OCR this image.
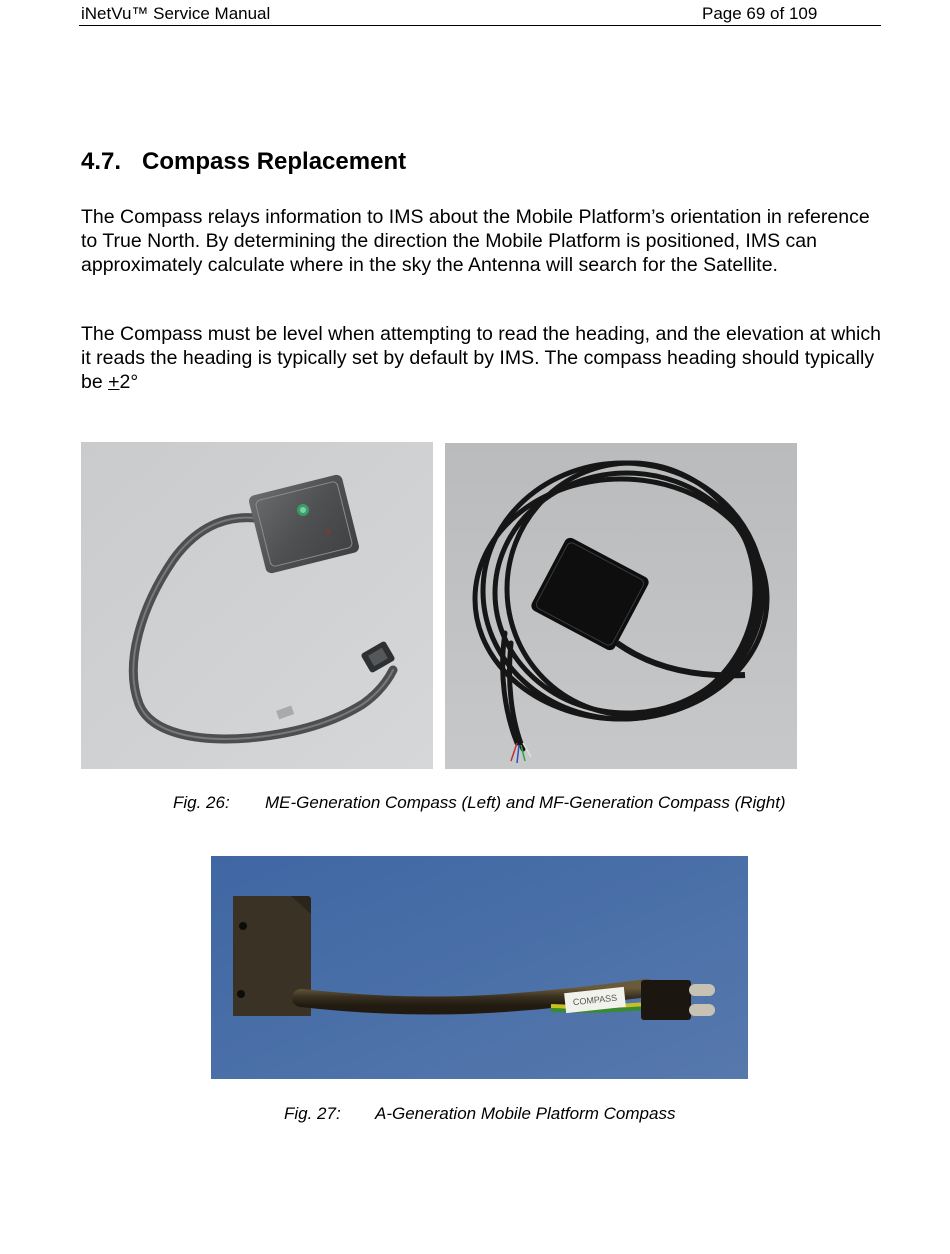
iNetVu™ Service Manual	Page 69 of 109
4.7. Compass Replacement
The Compass relays information to IMS about the Mobile Platform’s orientation in reference to True North. By determining the direction the Mobile Platform is positioned, IMS can approximately calculate where in the sky the Antenna will search for the Satellite.
The Compass must be level when attempting to read the heading, and the elevation at which it reads the heading is typically set by default by IMS. The compass heading should typically be +2°
Fig. 26: ME-Generation Compass (Left) and MF-Generation Compass (Right)
COMPASS
Fig. 27: A-Generation Mobile Platform Compass
